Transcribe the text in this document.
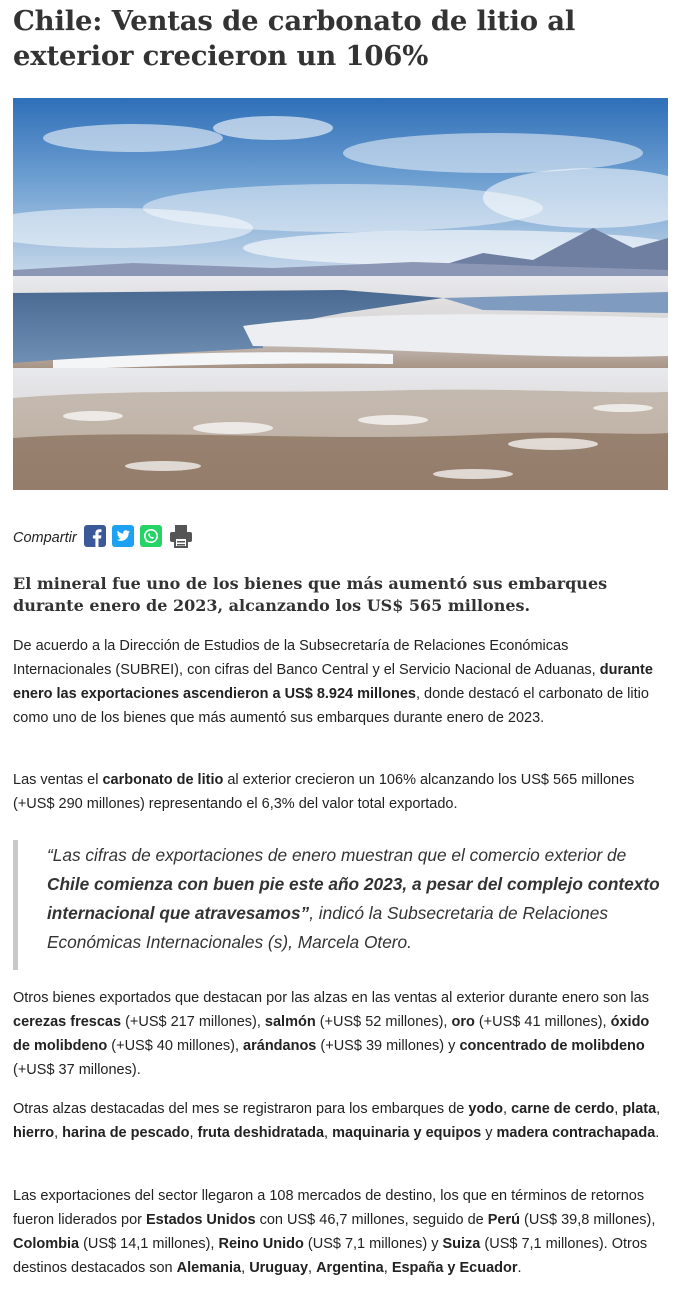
Chile: Ventas de carbonato de litio al exterior crecieron un 106%
Compartir

El mineral fue uno de los bienes que más aumentó sus embarques durante enero de 2023, alcanzando los US$ 565 millones.

De acuerdo a la Dirección de Estudios de la Subsecretaría de Relaciones Económicas Internacionales (SUBREI), con cifras del Banco Central y el Servicio Nacional de Aduanas, durante enero las exportaciones ascendieron a US$ 8.924 millones, donde destacó el carbonato de litio como uno de los bienes que más aumentó sus embarques durante enero de 2023.

Las ventas el carbonato de litio al exterior crecieron un 106% alcanzando los US$ 565 millones (+US$ 290 millones) representando el 6,3% del valor total exportado.

“Las cifras de exportaciones de enero muestran que el comercio exterior de Chile comienza con buen pie este año 2023, a pesar del complejo contexto internacional que atravesamos”, indicó la Subsecretaria de Relaciones Económicas Internacionales (s), Marcela Otero.

Otros bienes exportados que destacan por las alzas en las ventas al exterior durante enero son las cerezas frescas (+US$ 217 millones), salmón (+US$ 52 millones), oro (+US$ 41 millones), óxido de molibdeno (+US$ 40 millones), arándanos (+US$ 39 millones) y concentrado de molibdeno (+US$ 37 millones).

Otras alzas destacadas del mes se registraron para los embarques de yodo, carne de cerdo, plata, hierro, harina de pescado, fruta deshidratada, maquinaria y equipos y madera contrachapada.

Las exportaciones del sector llegaron a 108 mercados de destino, los que en términos de retornos fueron liderados por Estados Unidos con US$ 46,7 millones, seguido de Perú (US$ 39,8 millones), Colombia (US$ 14,1 millones), Reino Unido (US$ 7,1 millones) y Suiza (US$ 7,1 millones). Otros destinos destacados son Alemania, Uruguay, Argentina, España y Ecuador.
